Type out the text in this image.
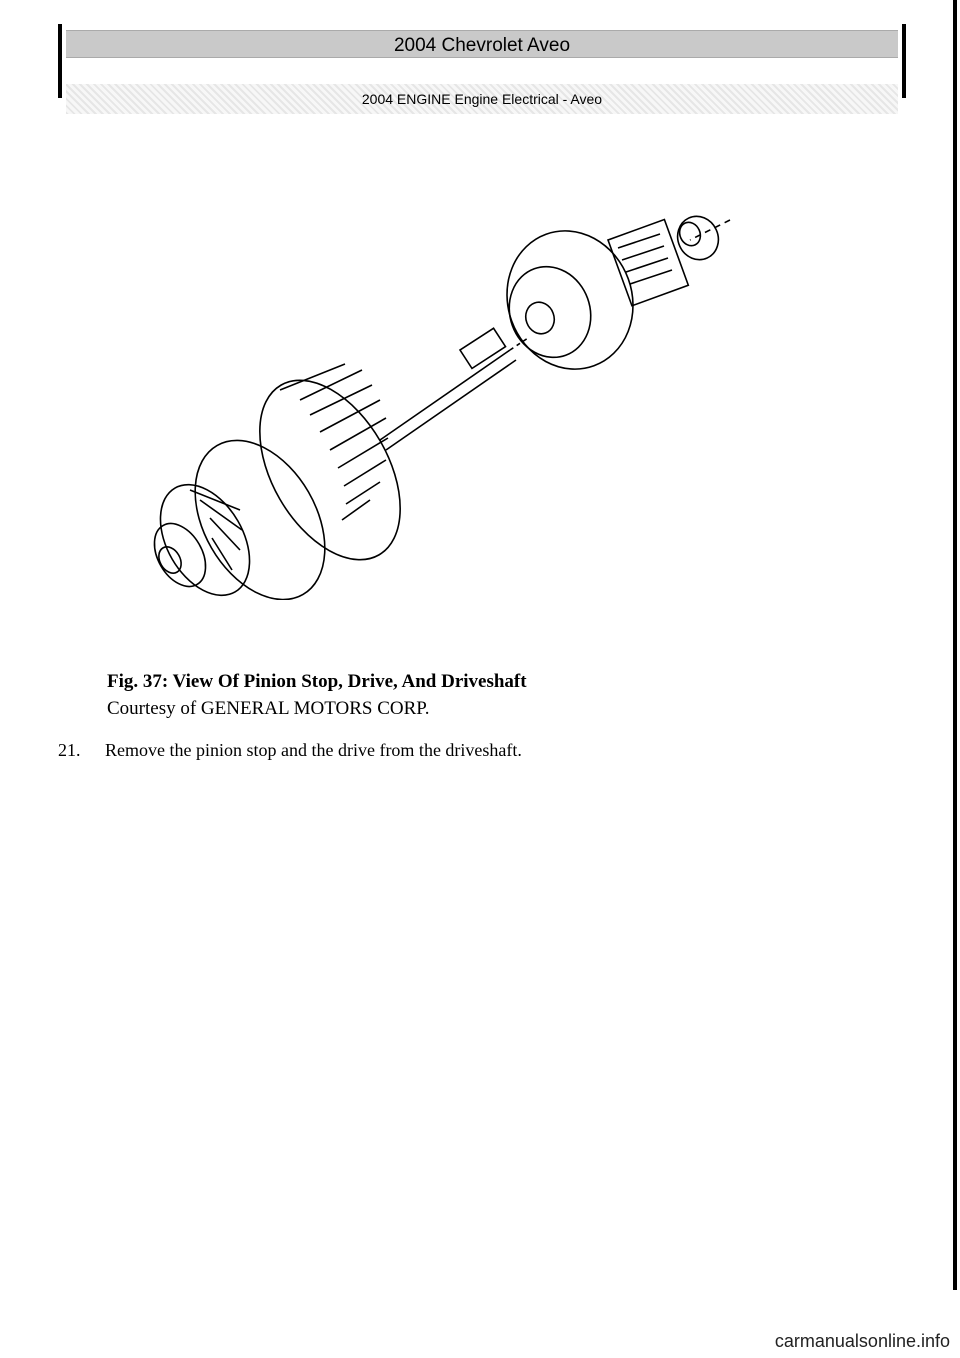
2004 Chevrolet Aveo
2004 ENGINE Engine Electrical - Aveo
Fig. 37: View Of Pinion Stop, Drive, And Driveshaft
Courtesy of GENERAL MOTORS CORP.
21. Remove the pinion stop and the drive from the driveshaft.
carmanualsonline.info
